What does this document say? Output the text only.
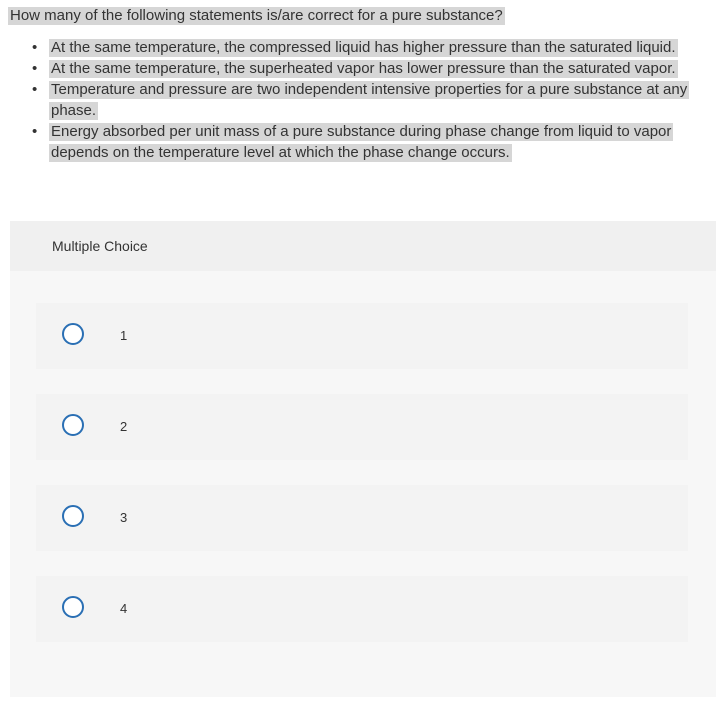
How many of the following statements is/are correct for a pure substance?
• At the same temperature, the compressed liquid has higher pressure than the saturated liquid.
• At the same temperature, the superheated vapor has lower pressure than the saturated vapor.
• Temperature and pressure are two independent intensive properties for a pure substance at any phase.
• Energy absorbed per unit mass of a pure substance during phase change from liquid to vapor depends on the temperature level at which the phase change occurs.
Multiple Choice
1
2
3
4
